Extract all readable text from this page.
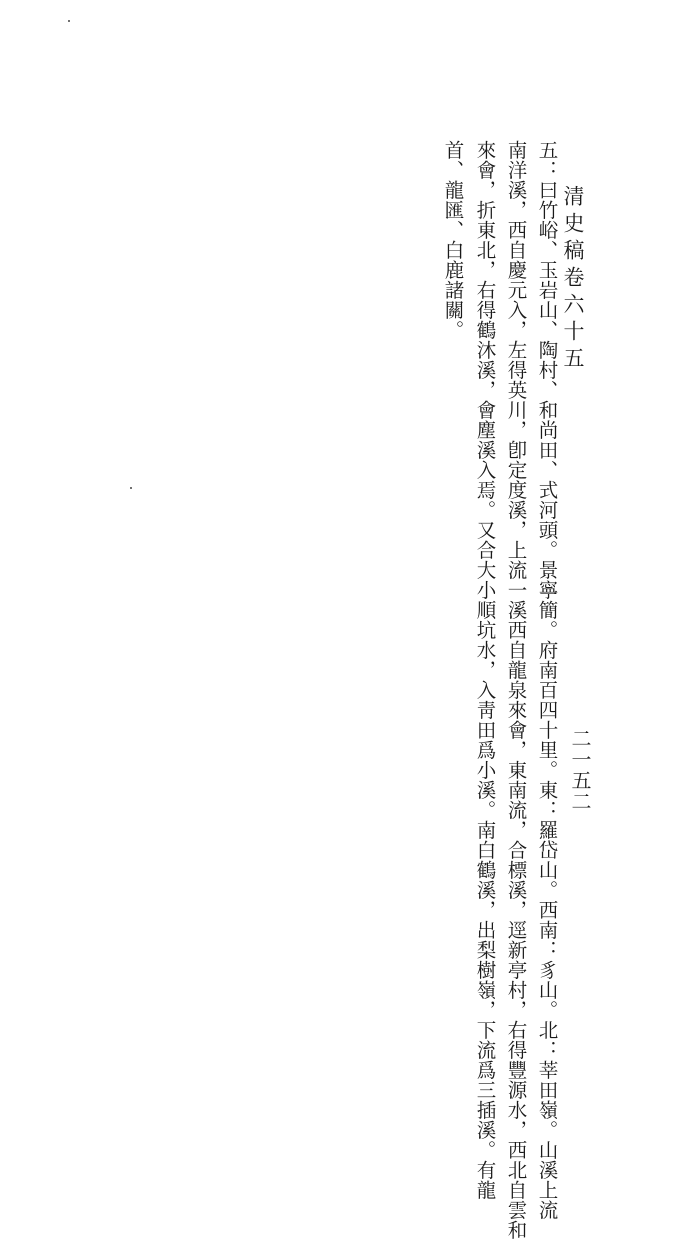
清史稿卷六十五
二一五二
五：曰竹峪、玉岩山、陶村、和尚田、式河頭。景寧簡。府南百四十里。東：羅岱山。西南：豸山。北：莘田嶺。山溪上流
南洋溪，西自慶元入，左得英川，卽定度溪，上流一溪西自龍泉來會，東南流，合標溪，逕新亭村，右得豐源水，西北自雲和
來會，折東北，右得鶴沐溪，會塵溪入焉。又合大小順坑水，入靑田爲小溪。南白鶴溪，出梨樹嶺，下流爲三插溪。有龍
首、龍匯、白鹿諸關。
